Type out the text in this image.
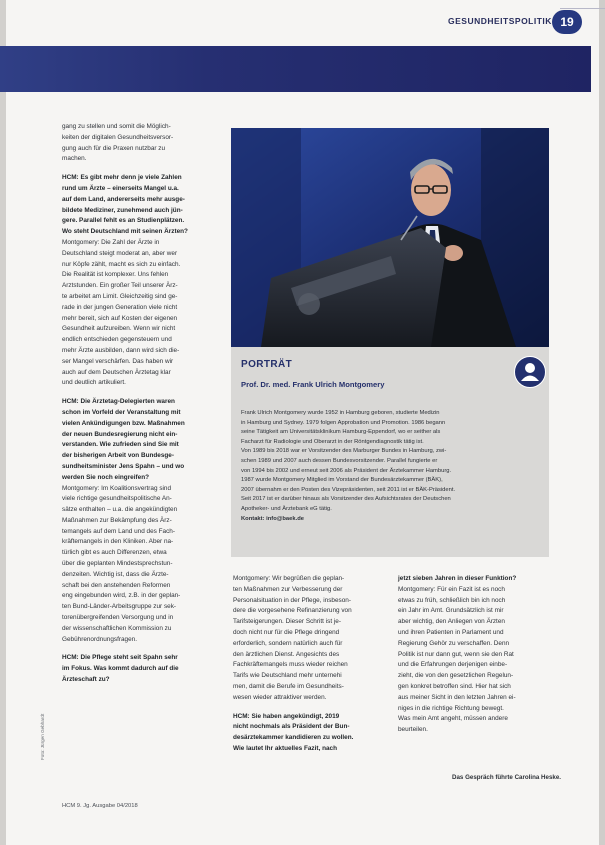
GESUNDHEITSPOLITIK 19

gang zu stellen und somit die Möglich-

keiten der digitalen Gesundheitsversor-

gung auch für die Praxen nutzbar zu

machen.

HCM: Es gibt mehr denn je viele Zahlen

rund um Ärzte – einerseits Mangel u.a.

auf dem Land, andererseits mehr ausge-

bildete Mediziner, zunehmend auch jün-

gere. Parallel fehlt es an Studienplätzen.

Wo steht Deutschland mit seinen Ärzten?

Montgomery: Die Zahl der Ärzte in

Deutschland steigt moderat an, aber wer

nur Köpfe zählt, macht es sich zu einfach.

Die Realität ist komplexer. Uns fehlen

Arztstunden. Ein großer Teil unserer Ärz-

te arbeitet am Limit. Gleichzeitig sind ge-

rade in der jungen Generation viele nicht

mehr bereit, sich auf Kosten der eigenen

Gesundheit aufzureiben. Wenn wir nicht

endlich entschieden gegensteuern und

mehr Ärzte ausbilden, dann wird sich die-

ser Mangel verschärfen. Das haben wir

auch auf dem Deutschen Ärztetag klar

und deutlich artikuliert.

HCM: Die Ärztetag-Delegierten waren

schon im Vorfeld der Veranstaltung mit

vielen Ankündigungen bzw. Maßnahmen

der neuen Bundesregierung nicht ein-

verstanden. Wie zufrieden sind Sie mit

der bisherigen Arbeit von Bundesge-

sundheitsminister Jens Spahn – und wo

werden Sie noch eingreifen?

Montgomery: Im Koalitionsvertrag sind

viele richtige gesundheitspolitische An-

sätze enthalten – u.a. die angekündigten

Maßnahmen zur Bekämpfung des Ärz-

temangels auf dem Land und des Fach-

kräftemangels in den Kliniken. Aber na-

türlich gibt es auch Differenzen, etwa

über die geplanten Mindestsprechstun-

denzeiten. Wichtig ist, dass die Ärzte-

schaft bei den anstehenden Reformen

eng eingebunden wird, z.B. in der geplan-

ten Bund-Länder-Arbeitsgruppe zur sek-

torenübergreifenden Versorgung und in

der wissenschaftlichen Kommission zu

Gebührenordnungsfragen.

HCM: Die Pflege steht seit Spahn sehr

im Fokus. Was kommt dadurch auf die

Ärzteschaft zu?

PORTRÄT
Prof. Dr. med. Frank Ulrich Montgomery
Frank Ulrich Montgomery wurde 1952 in Hamburg geboren, studierte Medizin
in Hamburg und Sydney. 1979 folgen Approbation und Promotion. 1986 begann
seine Tätigkeit am Universitätsklinikum Hamburg-Eppendorf, wo er seither als
Facharzt für Radiologie und Oberarzt in der Röntgendiagnostik tätig ist.
Von 1989 bis 2018 war er Vorsitzender des Marburger Bundes in Hamburg, zwi-
schen 1989 und 2007 auch dessen Bundesvorsitzender. Parallel fungierte er
von 1994 bis 2002 und erneut seit 2006 als Präsident der Ärztekammer Hamburg.
1987 wurde Montgomery Mitglied im Vorstand der Bundesärztekammer (BÄK),
2007 übernahm er den Posten des Vizepräsidenten, seit 2011 ist er BÄK-Präsident.
Seit 2017 ist er darüber hinaus als Vorsitzender des Aufsichtsrates der Deutschen
Apotheker- und Ärztebank eG tätig.
Kontakt: info@baek.de

Montgomery: Wir begrüßen die geplan-

ten Maßnahmen zur Verbesserung der

Personalsituation in der Pflege, insbeson-

dere die vorgesehene Refinanzierung von

Tarifsteigerungen. Dieser Schritt ist je-

doch nicht nur für die Pflege dringend

erforderlich, sondern natürlich auch für

den ärztlichen Dienst. Angesichts des

Fachkräftemangels muss wieder reichen

Tarifs wie Deutschland mehr unternehi

men, damit die Berufe im Gesundheits-

wesen wieder attraktiver werden.

HCM: Sie haben angekündigt, 2019

nicht nochmals als Präsident der Bun-

desärztekammer kandidieren zu wollen.

Wie lautet Ihr aktuelles Fazit, nach

jetzt sieben Jahren in dieser Funktion?

Montgomery: Für ein Fazit ist es noch

etwas zu früh, schließlich bin ich noch

ein Jahr im Amt. Grundsätzlich ist mir

aber wichtig, den Anliegen von Ärzten

und ihren Patienten in Parlament und

Regierung Gehör zu verschaffen. Denn

Politik ist nur dann gut, wenn sie den Rat

und die Erfahrungen derjenigen einbe-

zieht, die von den gesetzlichen Regelun-

gen konkret betroffen sind. Hier hat sich

aus meiner Sicht in den letzten Jahren ei-

niges in die richtige Richtung bewegt.

Was mein Amt angeht, müssen andere

beurteilen.

Das Gespräch führte Carolina Heske.
HCM 9. Jg. Ausgabe 04/2018
Foto: Jürgen Gebhardt
